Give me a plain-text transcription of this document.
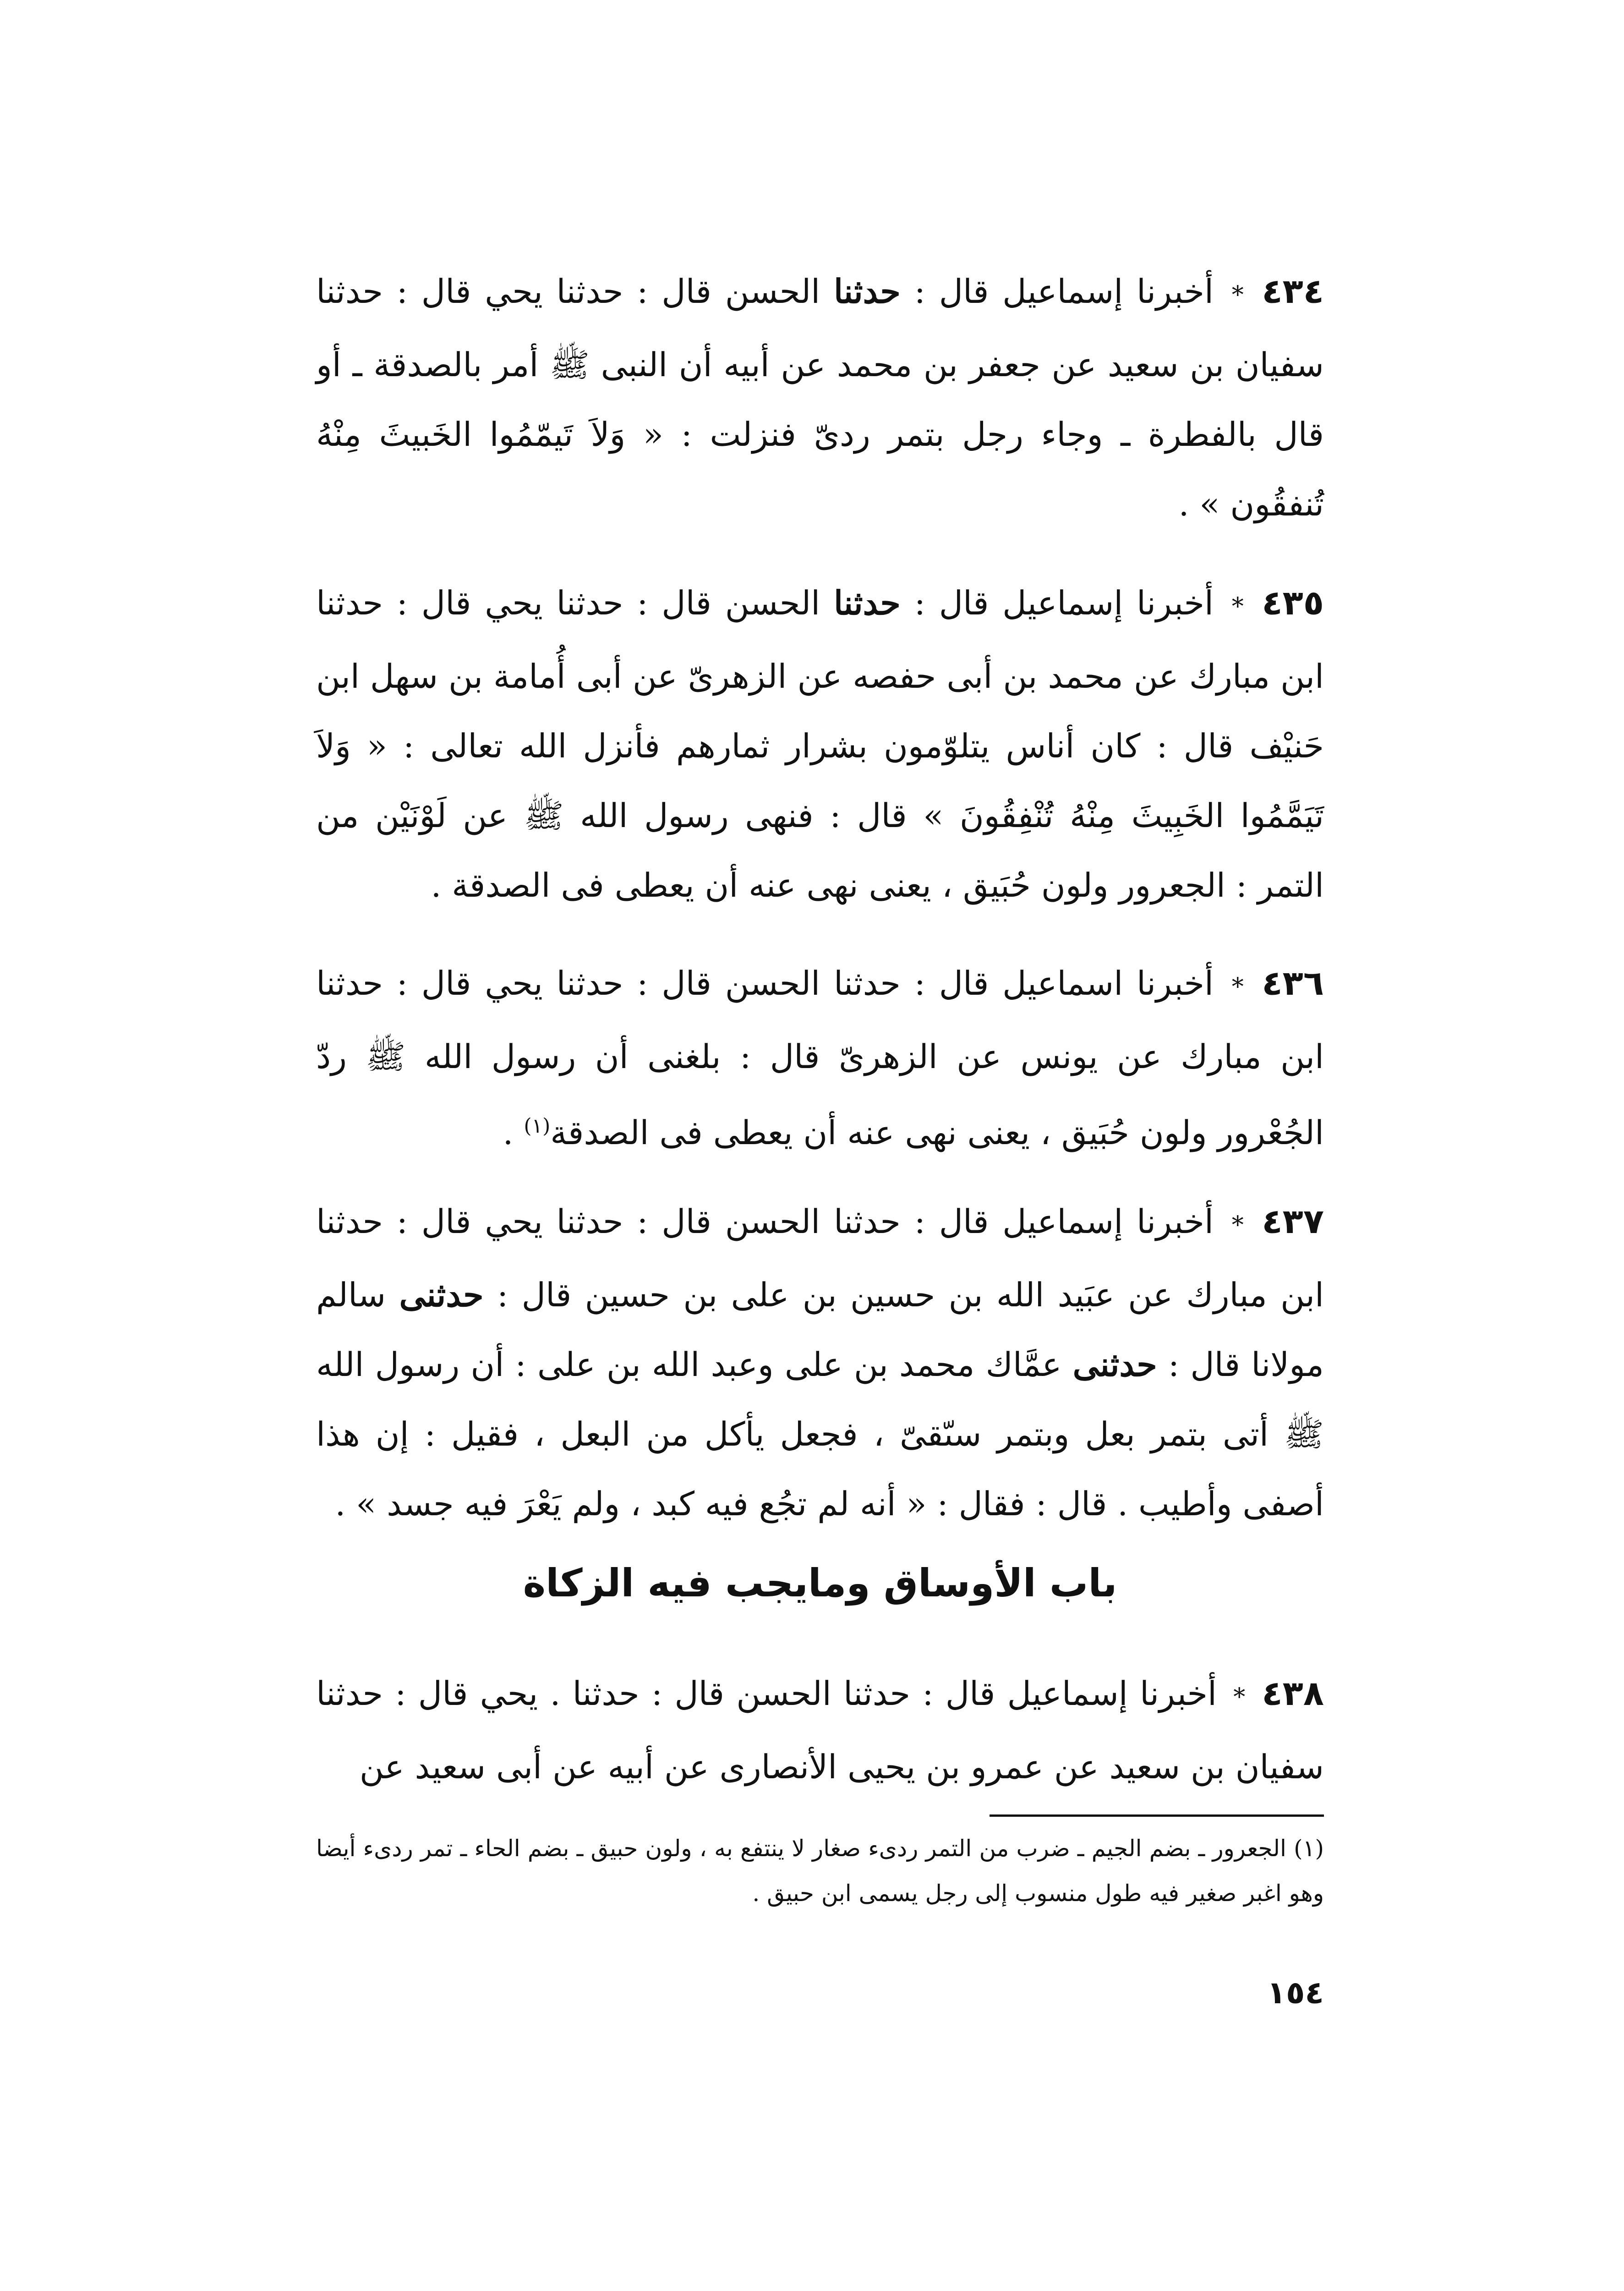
٤٣٤ * أخبرنا إسماعيل قال : حدثنا الحسن قال : حدثنا يحي قال : حدثنا سفيان بن سعيد عن جعفر بن محمد عن أبيه أن النبى ﷺ أمر بالصدقة ـ أو قال بالفطرة ـ وجاء رجل بتمر ردىّ فنزلت : « وَلاَ تَيمّمُوا الخَبيثَ مِنْهُ تُنفقُون » .

٤٣٥ * أخبرنا إسماعيل قال : حدثنا الحسن قال : حدثنا يحي قال : حدثنا ابن مبارك عن محمد بن أبى حفصه عن الزهرىّ عن أبى أُمامة بن سهل ابن حَنيْف قال : كان أناس يتلوّمون بشرار ثمارهم فأنزل الله تعالى : « وَلاَ تَيَمَّمُوا الخَبِيثَ مِنْهُ تُنْفِقُونَ » قال : فنهى رسول الله ﷺ عن لَوْنَيْن من التمر : الجعرور ولون حُبَيق ، يعنى نهى عنه أن يعطى فى الصدقة .

٤٣٦ * أخبرنا اسماعيل قال : حدثنا الحسن قال : حدثنا يحي قال : حدثنا ابن مبارك عن يونس عن الزهرىّ قال : بلغنى أن رسول الله ﷺ ردّ الجُعْرور ولون حُبَيق ، يعنى نهى عنه أن يعطى فى الصدقة$^{(١)}$ .

٤٣٧ * أخبرنا إسماعيل قال : حدثنا الحسن قال : حدثنا يحي قال : حدثنا ابن مبارك عن عبَيد الله بن حسين بن على بن حسين قال : حدثنى سالم مولانا قال : حدثنى عمَّاك محمد بن على وعبد الله بن على : أن رسول الله ﷺ أتى بتمر بعل وبتمر سىّقىّ ، فجعل يأكل من البعل ، فقيل : إن هذا أصفى وأطيب . قال : فقال : « أنه لم تجُع فيه كبد ، ولم يَعْرَ فيه جسد » .

باب الأوساق ومايجب فيه الزكاة

٤٣٨ * أخبرنا إسماعيل قال : حدثنا الحسن قال : حدثنا . يحي قال : حدثنا سفيان بن سعيد عن عمرو بن يحيى الأنصارى عن أبيه عن أبى سعيد عن

(١) الجعرور ـ بضم الجيم ـ ضرب من التمر ردىء صغار لا ينتفع به ، ولون حبيق ـ بضم الحاء ـ تمر ردىء أيضا وهو اغبر صغير فيه طول منسوب إلى رجل يسمى ابن حبيق .
١٥٤
